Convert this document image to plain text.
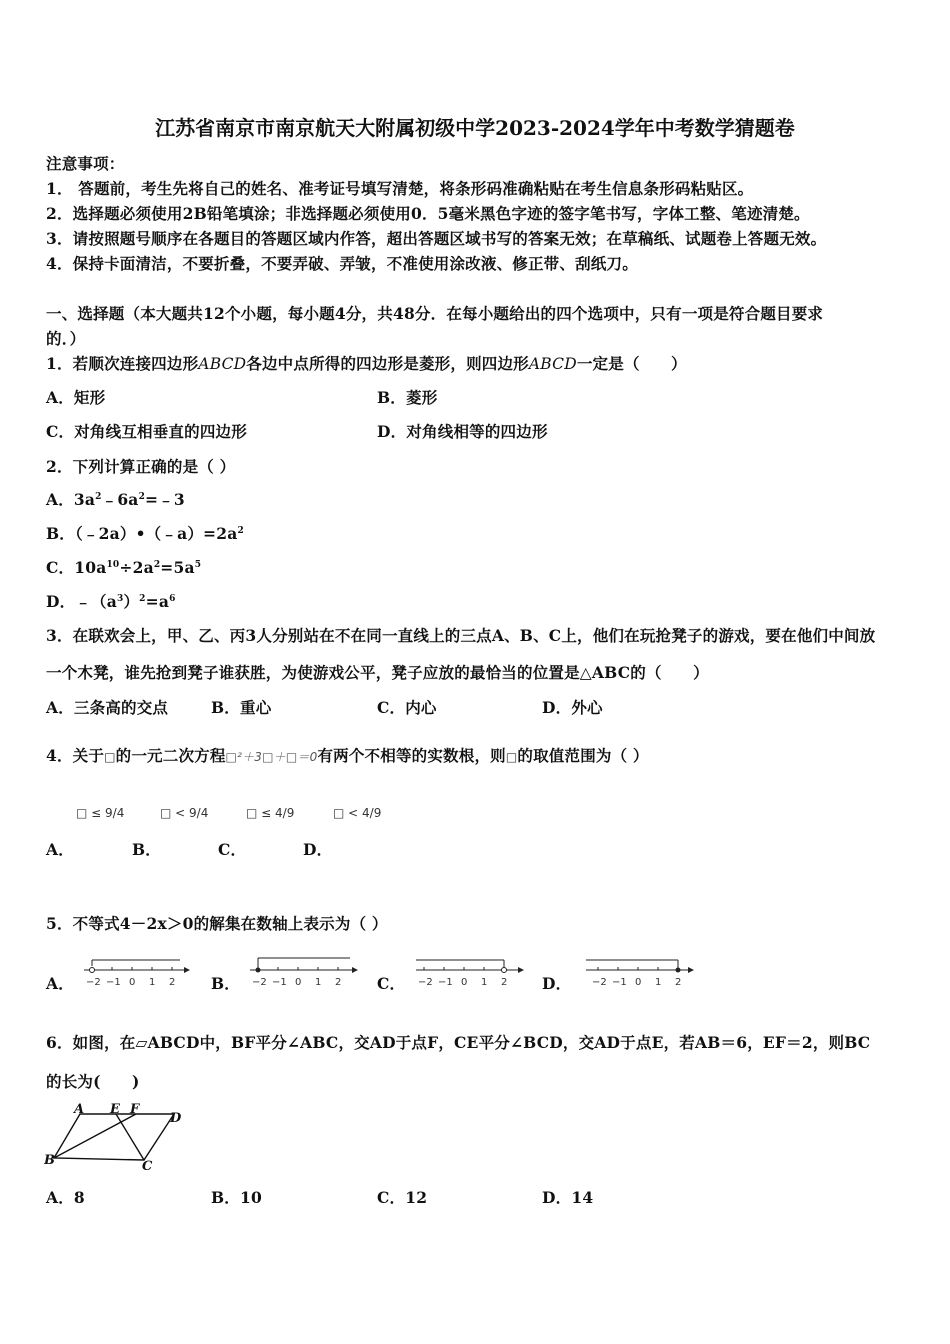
江苏省南京市南京航天大附属初级中学2023-2024学年中考数学猜题卷
注意事项：
1． 答题前，考生先将自己的姓名、准考证号填写清楚，将条形码准确粘贴在考生信息条形码粘贴区。
2．选择题必须使用2B铅笔填涂；非选择题必须使用0．5毫米黑色字迹的签字笔书写，字体工整、笔迹清楚。
3．请按照题号顺序在各题目的答题区域内作答，超出答题区域书写的答案无效；在草稿纸、试题卷上答题无效。
4．保持卡面清洁，不要折叠，不要弄破、弄皱，不准使用涂改液、修正带、刮纸刀。
一、选择题（本大题共12个小题，每小题4分，共48分．在每小题给出的四个选项中，只有一项是符合题目要求
的．）
1．若顺次连接四边形ABCD各边中点所得的四边形是菱形，则四边形ABCD一定是（　　）
A．矩形	B．菱形
C．对角线互相垂直的四边形	D．对角线相等的四边形
2．下列计算正确的是（ ）
A．$3a^2﹣6a^2=﹣3$
B．$(﹣2a)•(﹣a)=2a^2$
C．$10a^{10}\div 2a^2=5a^5$
D．$﹣(a^3)^2=a^6$
3．在联欢会上，甲、乙、丙3人分别站在不在同一直线上的三点A、B、C上，他们在玩抢凳子的游戏，要在他们中间放
一个木凳，谁先抢到凳子谁获胜，为使游戏公平，凳子应放的最恰当的位置是△ABC的（　　）
A．三条高的交点	B．重心	C．内心	D．外心
4．关于□的一元二次方程□²＋3□＋□＝0有两个不相等的实数根，则□的取值范围为（ ）
□ ≤ 9/4	□ < 9/4	□ ≤ 4/9	□ < 4/9
A．	B．	C．	D．
5．不等式4－2x＞0的解集在数轴上表示为（ ）
A．	B．	C．	D．
−2 −1 0 1 2	−2 −1 0 1 2	−2 −1 0 1 2	−2 −1 0 1 2
6．如图，在▱ABCD中，BF平分∠ABC，交AD于点F，CE平分∠BCD，交AD于点E，若AB＝6，EF＝2，则BC
的长为(　　)
A E F
D
B	C
A．8	B．10	C．12	D．14
